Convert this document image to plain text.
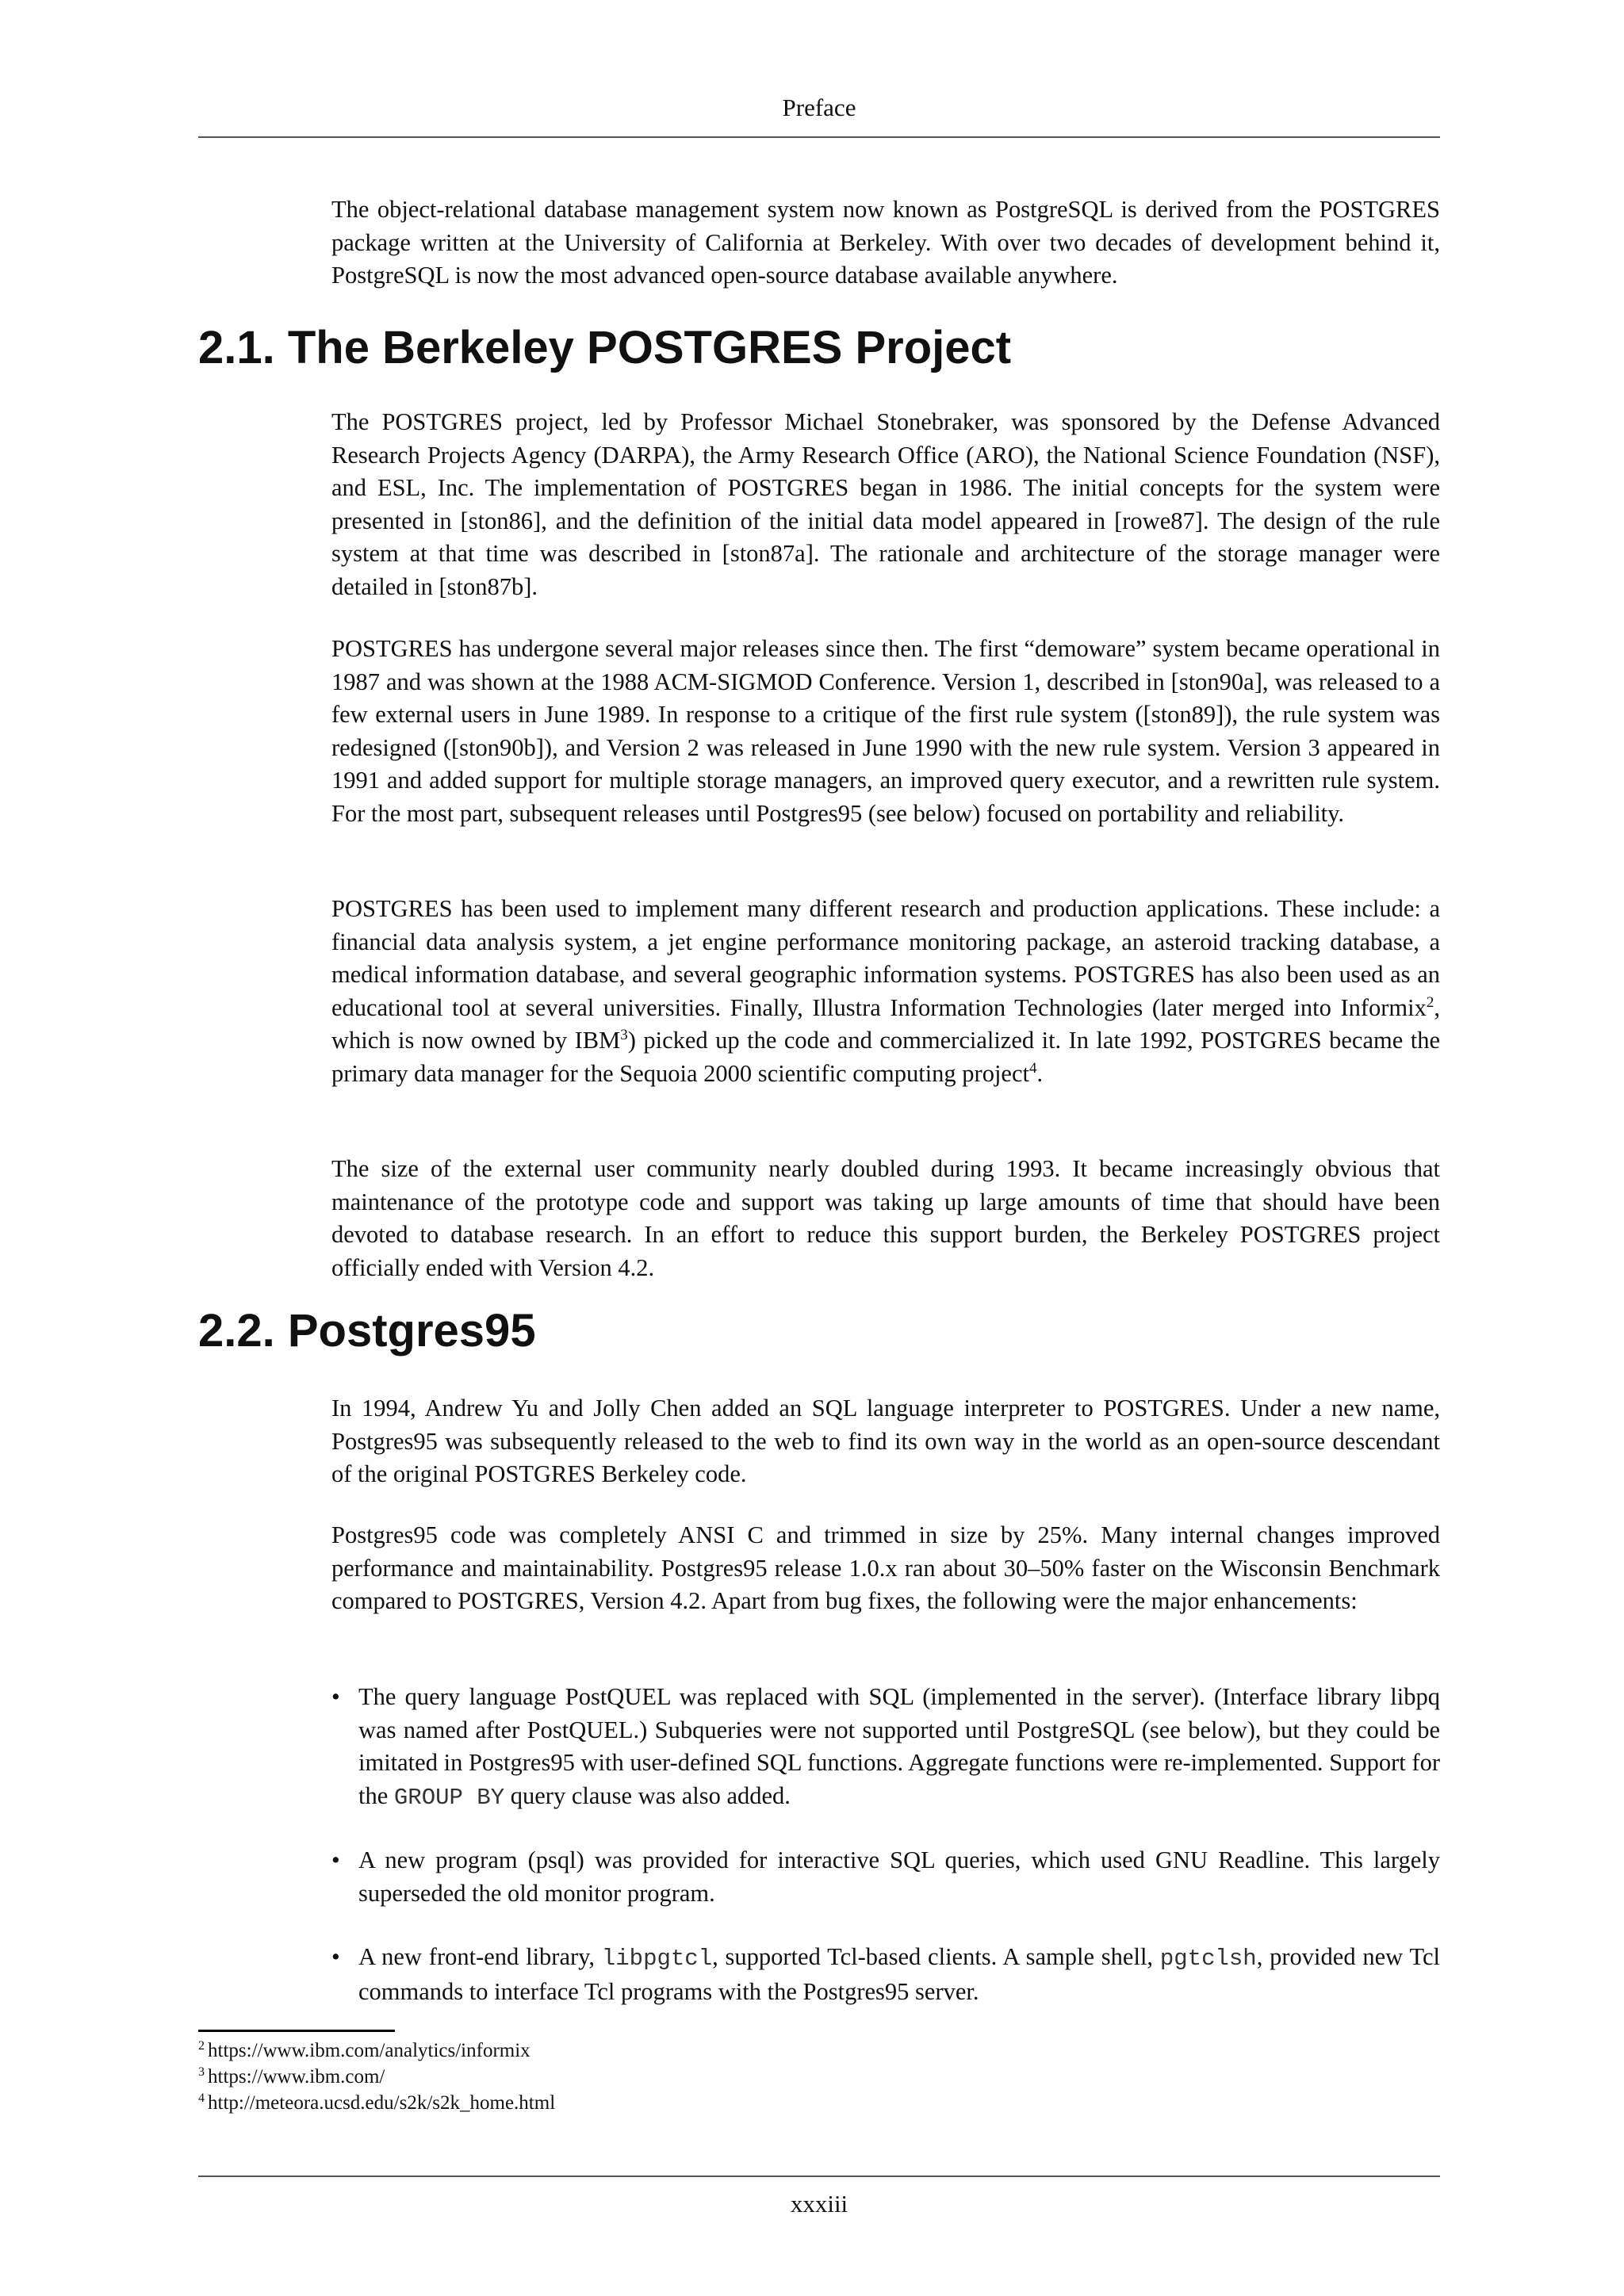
Preface

The object-relational database management system now known as PostgreSQL is derived from the POSTGRES package written at the University of California at Berkeley. With over two decades of development behind it, PostgreSQL is now the most advanced open-source database available anywhere.

2.1. The Berkeley POSTGRES Project

The POSTGRES project, led by Professor Michael Stonebraker, was sponsored by the Defense Advanced Research Projects Agency (DARPA), the Army Research Office (ARO), the National Science Foundation (NSF), and ESL, Inc. The implementation of POSTGRES began in 1986. The initial concepts for the system were presented in [ston86], and the definition of the initial data model appeared in [rowe87]. The design of the rule system at that time was described in [ston87a]. The rationale and architecture of the storage manager were detailed in [ston87b].

POSTGRES has undergone several major releases since then. The first “demoware” system became operational in 1987 and was shown at the 1988 ACM-SIGMOD Conference. Version 1, described in [ston90a], was released to a few external users in June 1989. In response to a critique of the first rule system ([ston89]), the rule system was redesigned ([ston90b]), and Version 2 was released in June 1990 with the new rule system. Version 3 appeared in 1991 and added support for multiple storage managers, an improved query executor, and a rewritten rule system. For the most part, subsequent releases until Postgres95 (see below) focused on portability and reliability.

POSTGRES has been used to implement many different research and production applications. These include: a financial data analysis system, a jet engine performance monitoring package, an asteroid tracking database, a medical information database, and several geographic information systems. POSTGRES has also been used as an educational tool at several universities. Finally, Illustra Information Technologies (later merged into Informix$^2$, which is now owned by IBM$^3$) picked up the code and commercialized it. In late 1992, POSTGRES became the primary data manager for the Sequoia 2000 scientific computing project$^4$.

The size of the external user community nearly doubled during 1993. It became increasingly obvious that maintenance of the prototype code and support was taking up large amounts of time that should have been devoted to database research. In an effort to reduce this support burden, the Berkeley POSTGRES project officially ended with Version 4.2.

2.2. Postgres95

In 1994, Andrew Yu and Jolly Chen added an SQL language interpreter to POSTGRES. Under a new name, Postgres95 was subsequently released to the web to find its own way in the world as an open-source descendant of the original POSTGRES Berkeley code.

Postgres95 code was completely ANSI C and trimmed in size by 25%. Many internal changes improved performance and maintainability. Postgres95 release 1.0.x ran about 30–50% faster on the Wisconsin Benchmark compared to POSTGRES, Version 4.2. Apart from bug fixes, the following were the major enhancements:

• The query language PostQUEL was replaced with SQL (implemented in the server). (Interface library libpq was named after PostQUEL.) Subqueries were not supported until PostgreSQL (see below), but they could be imitated in Postgres95 with user-defined SQL functions. Aggregate functions were re-implemented. Support for the GROUP BY query clause was also added.

• A new program (psql) was provided for interactive SQL queries, which used GNU Readline. This largely superseded the old monitor program.

• A new front-end library, libpgtcl, supported Tcl-based clients. A sample shell, pgtclsh, provided new Tcl commands to interface Tcl programs with the Postgres95 server.

$^2$ https://www.ibm.com/analytics/informix

$^3$ https://www.ibm.com/

$^4$ http://meteora.ucsd.edu/s2k/s2k_home.html

xxxiii
